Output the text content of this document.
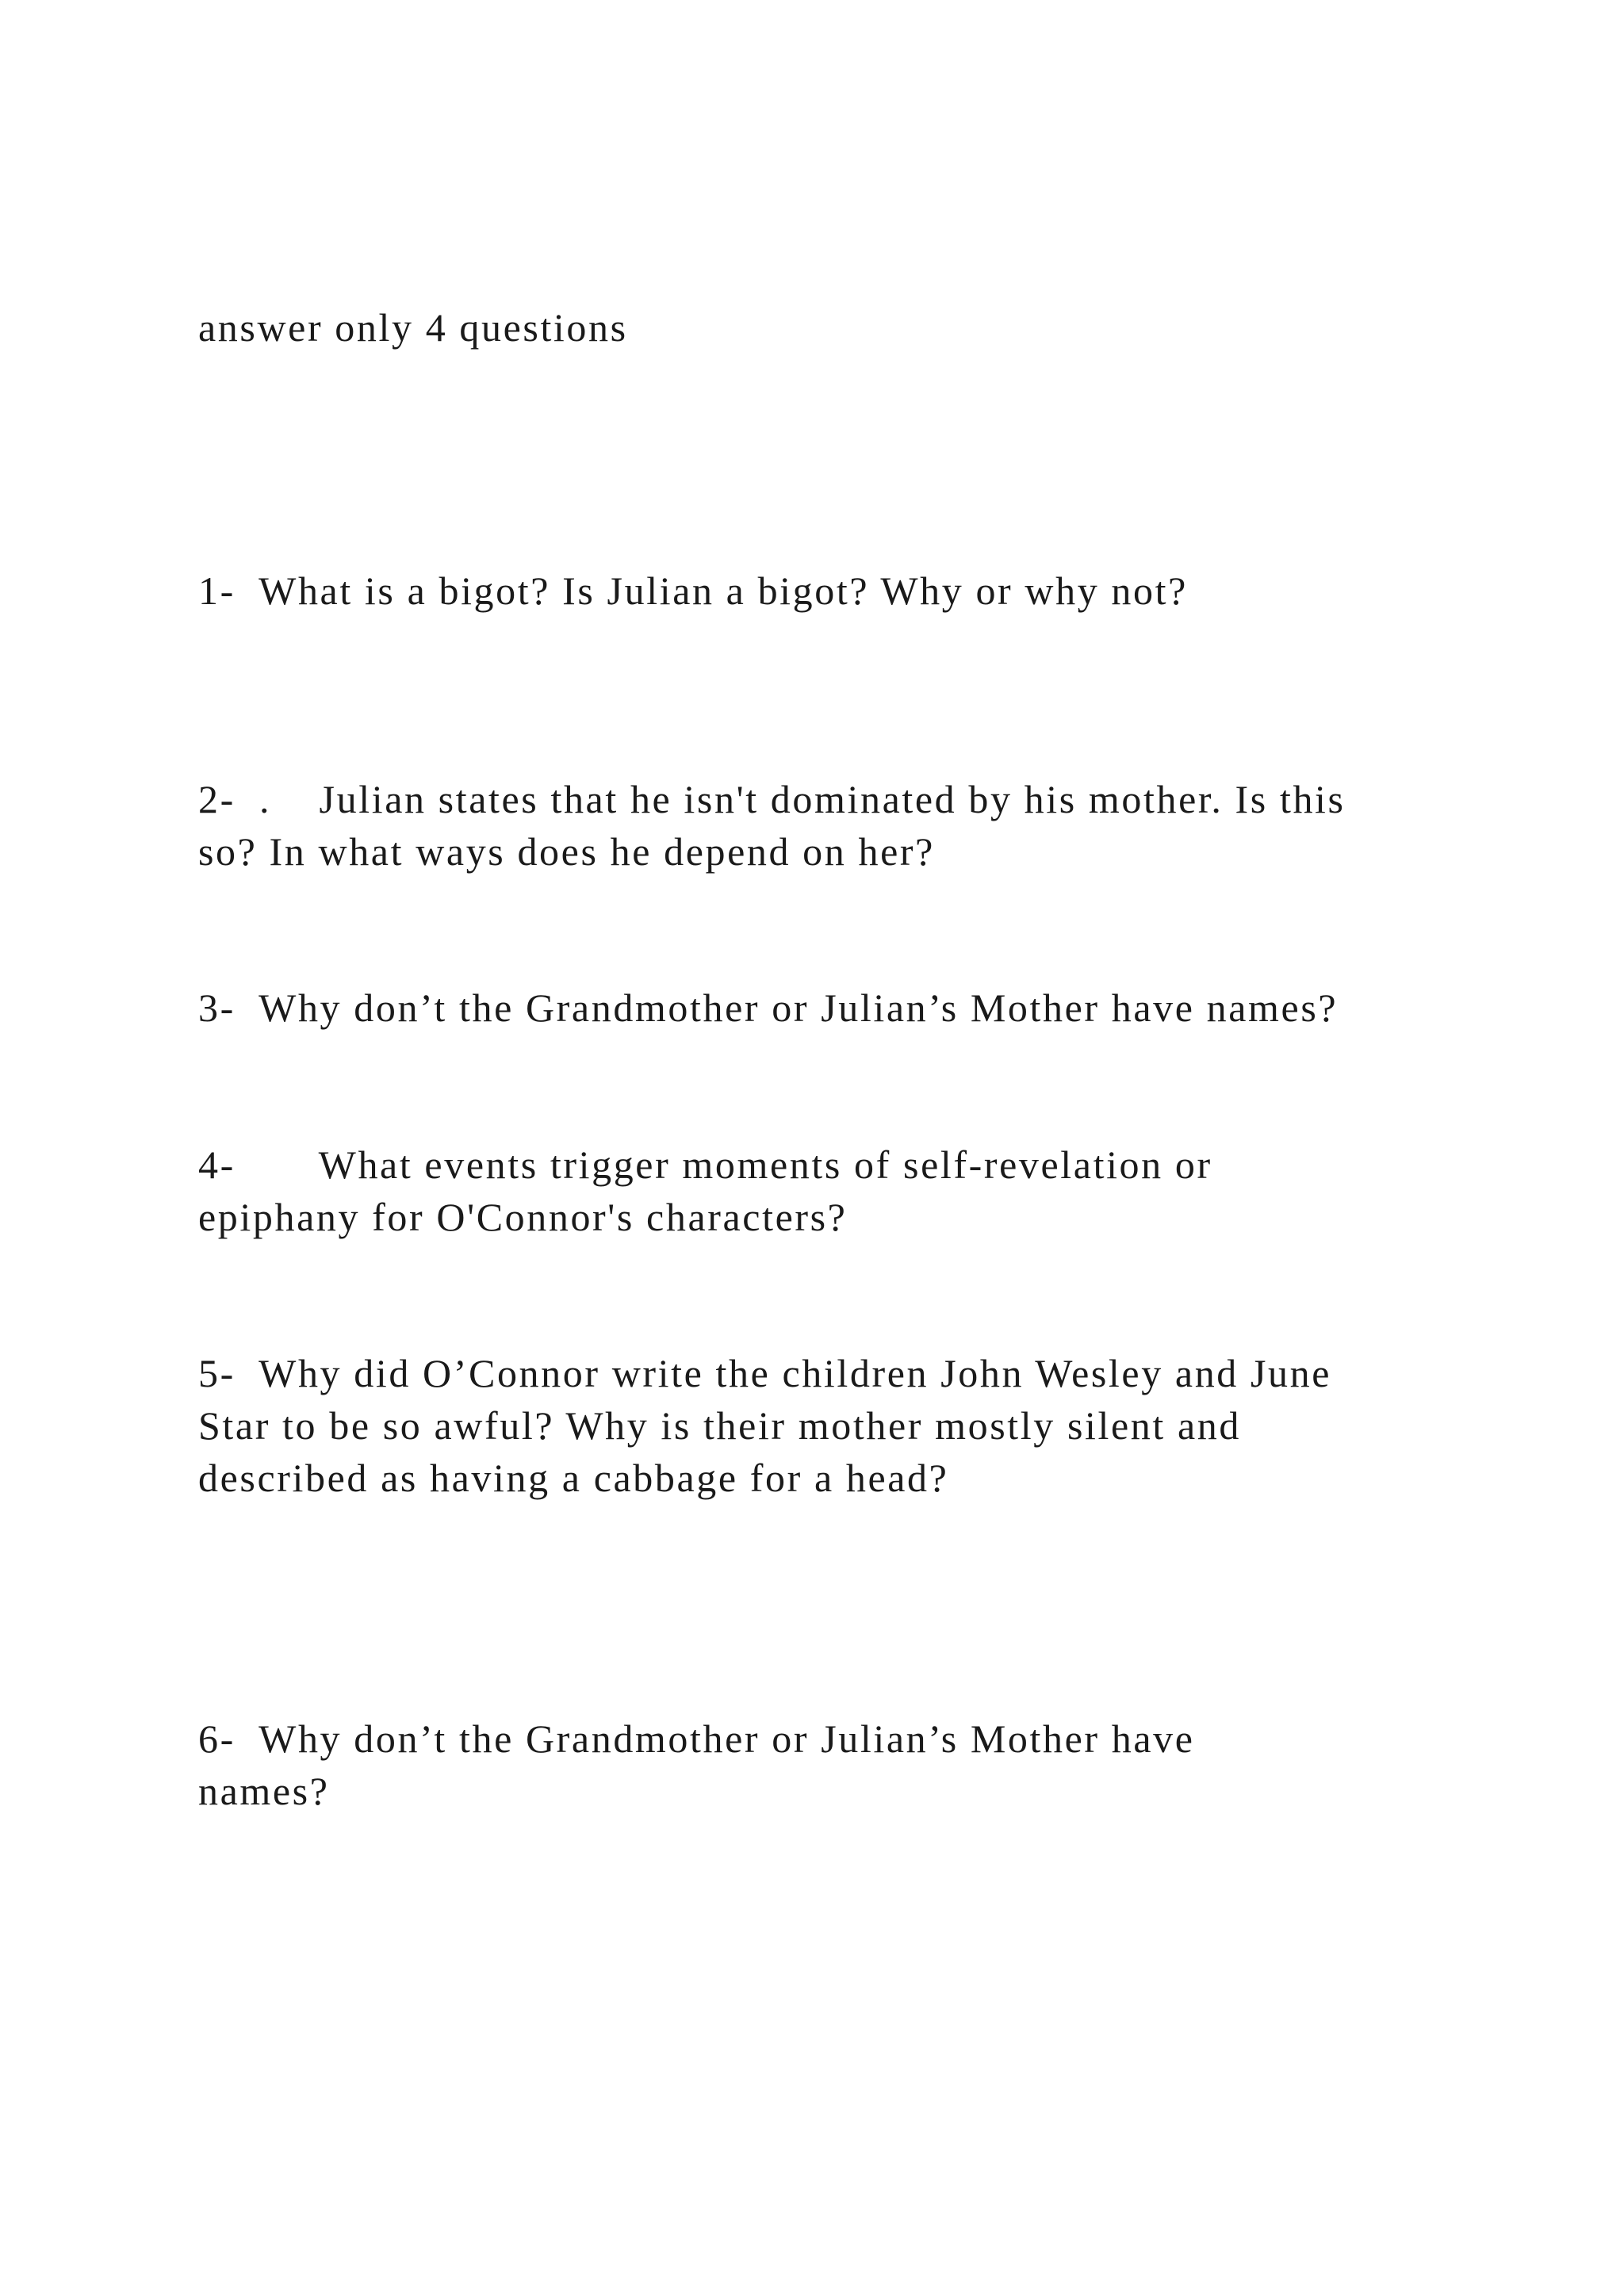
answer only 4 questions
1-  What is a bigot? Is Julian a bigot? Why or why not?
2-  .    Julian states that he isn't dominated by his mother. Is this
so? In what ways does he depend on her?
3-  Why don’t the Grandmother or Julian’s Mother have names?
4-       What events trigger moments of self-revelation or
epiphany for O'Connor's characters?
5-  Why did O’Connor write the children John Wesley and June
Star to be so awful? Why is their mother mostly silent and
described as having a cabbage for a head?
6-  Why don’t the Grandmother or Julian’s Mother have
names?
